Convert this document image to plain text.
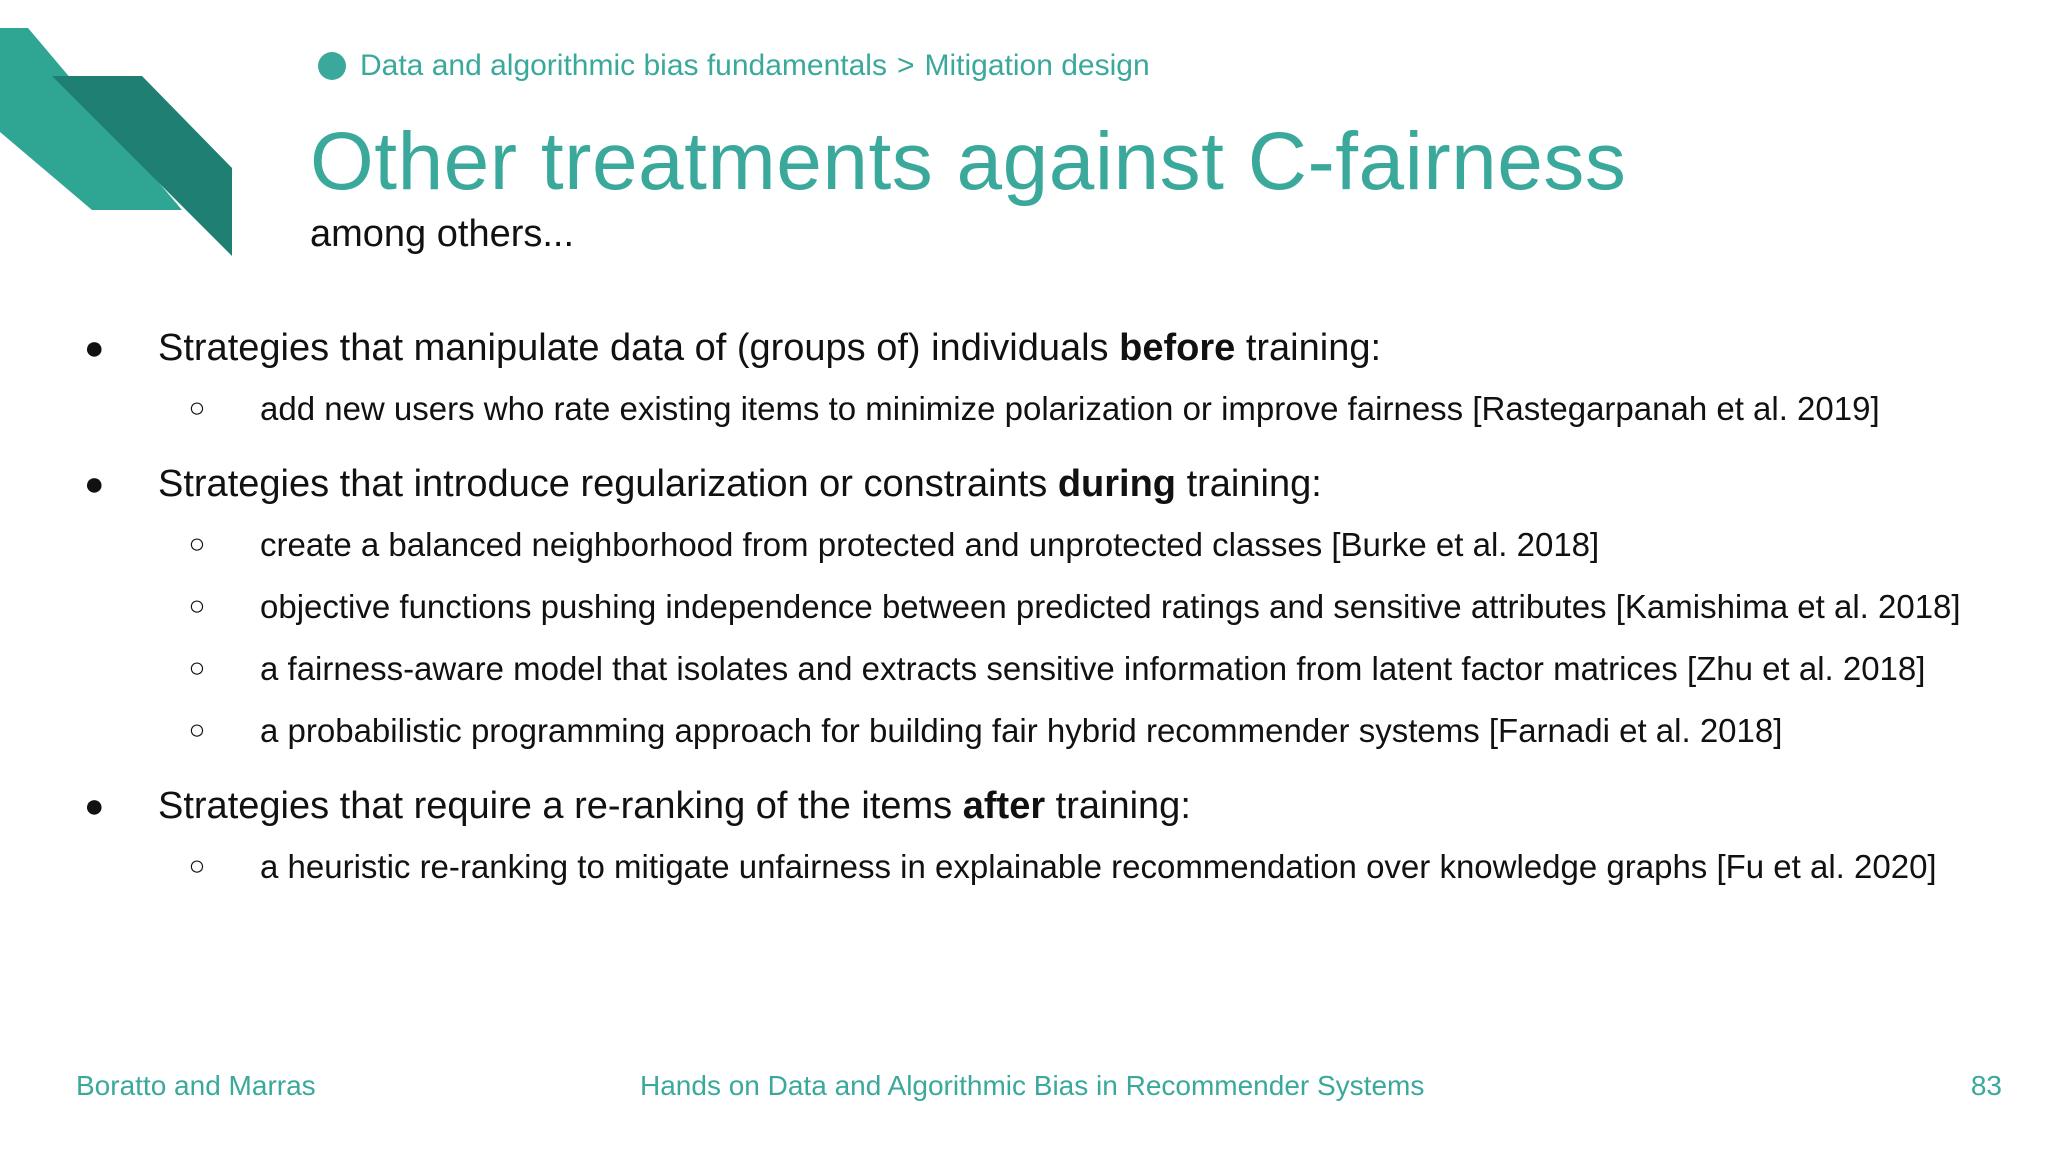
Data and algorithmic bias fundamentals > Mitigation design
Other treatments against C-fairness
among others...
● Strategies that manipulate data of (groups of) individuals before training:
○ add new users who rate existing items to minimize polarization or improve fairness [Rastegarpanah et al. 2019]
● Strategies that introduce regularization or constraints during training:
○ create a balanced neighborhood from protected and unprotected classes [Burke et al. 2018]
○ objective functions pushing independence between predicted ratings and sensitive attributes [Kamishima et al. 2018]
○ a fairness-aware model that isolates and extracts sensitive information from latent factor matrices [Zhu et al. 2018]
○ a probabilistic programming approach for building fair hybrid recommender systems [Farnadi et al. 2018]
● Strategies that require a re-ranking of the items after training:
○ a heuristic re-ranking to mitigate unfairness in explainable recommendation over knowledge graphs [Fu et al. 2020]
Boratto and Marras	Hands on Data and Algorithmic Bias in Recommender Systems	83
